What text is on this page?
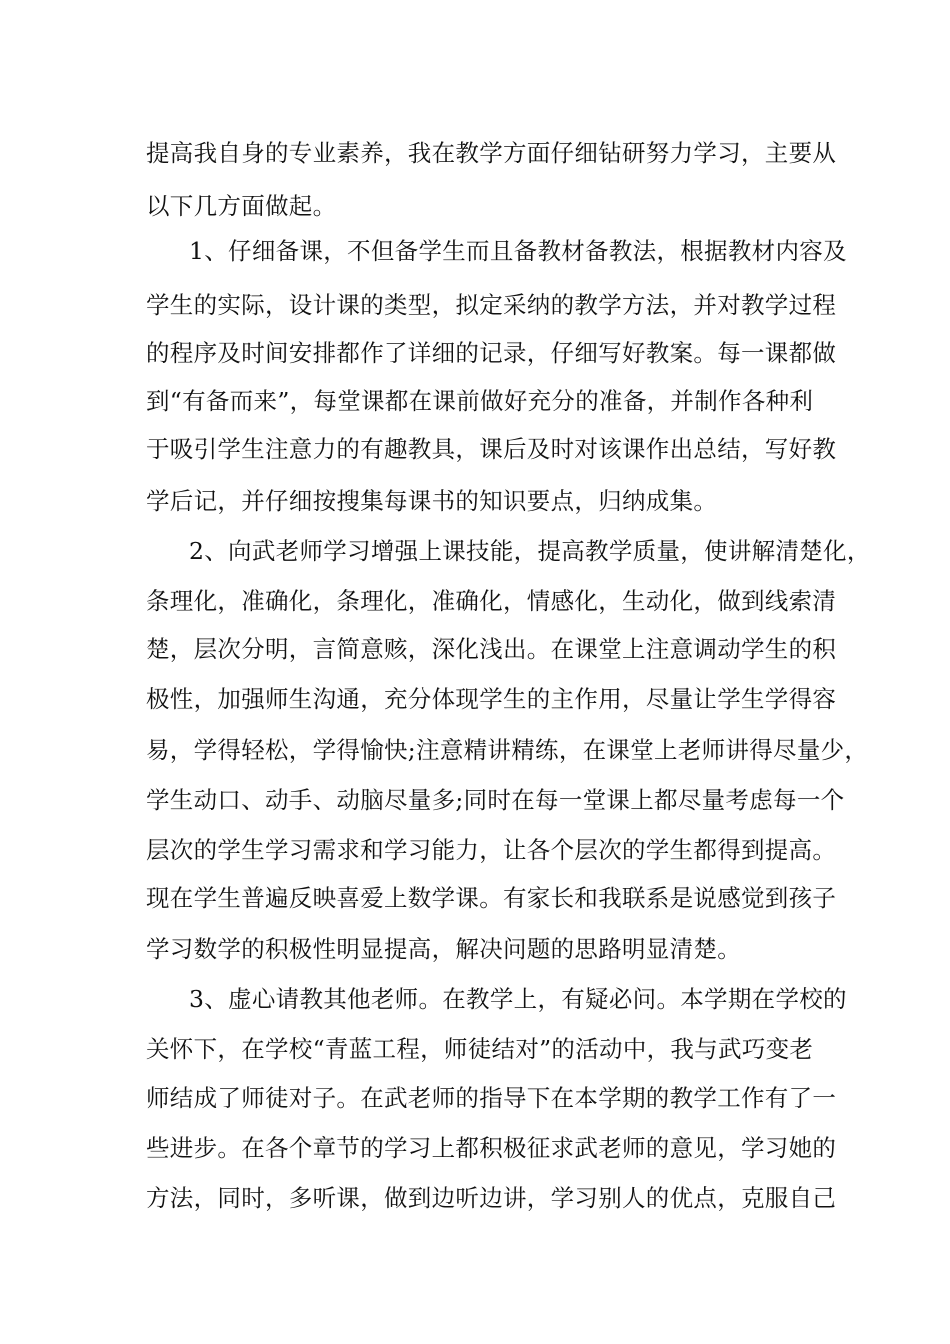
提高我自身的专业素养，我在教学方面仔细钻研努力学习，主要从
以下几方面做起。
1、仔细备课，不但备学生而且备教材备教法，根据教材内容及
学生的实际，设计课的类型，拟定采纳的教学方法，并对教学过程
的程序及时间安排都作了详细的记录，仔细写好教案。每一课都做
到“有备而来”，每堂课都在课前做好充分的准备，并制作各种利
于吸引学生注意力的有趣教具，课后及时对该课作出总结，写好教
学后记，并仔细按搜集每课书的知识要点，归纳成集。
2、向武老师学习增强上课技能，提高教学质量，使讲解清楚化，
条理化，准确化，条理化，准确化，情感化，生动化，做到线索清
楚，层次分明，言简意赅，深化浅出。在课堂上注意调动学生的积
极性，加强师生沟通，充分体现学生的主作用，尽量让学生学得容
易，学得轻松，学得愉快;注意精讲精练，在课堂上老师讲得尽量少，
学生动口、动手、动脑尽量多;同时在每一堂课上都尽量考虑每一个
层次的学生学习需求和学习能力，让各个层次的学生都得到提高。
现在学生普遍反映喜爱上数学课。有家长和我联系是说感觉到孩子
学习数学的积极性明显提高，解决问题的思路明显清楚。
3、虚心请教其他老师。在教学上，有疑必问。本学期在学校的
关怀下，在学校“青蓝工程，师徒结对”的活动中，我与武巧变老
师结成了师徒对子。在武老师的指导下在本学期的教学工作有了一
些进步。在各个章节的学习上都积极征求武老师的意见，学习她的
方法，同时，多听课，做到边听边讲，学习别人的优点，克服自己
